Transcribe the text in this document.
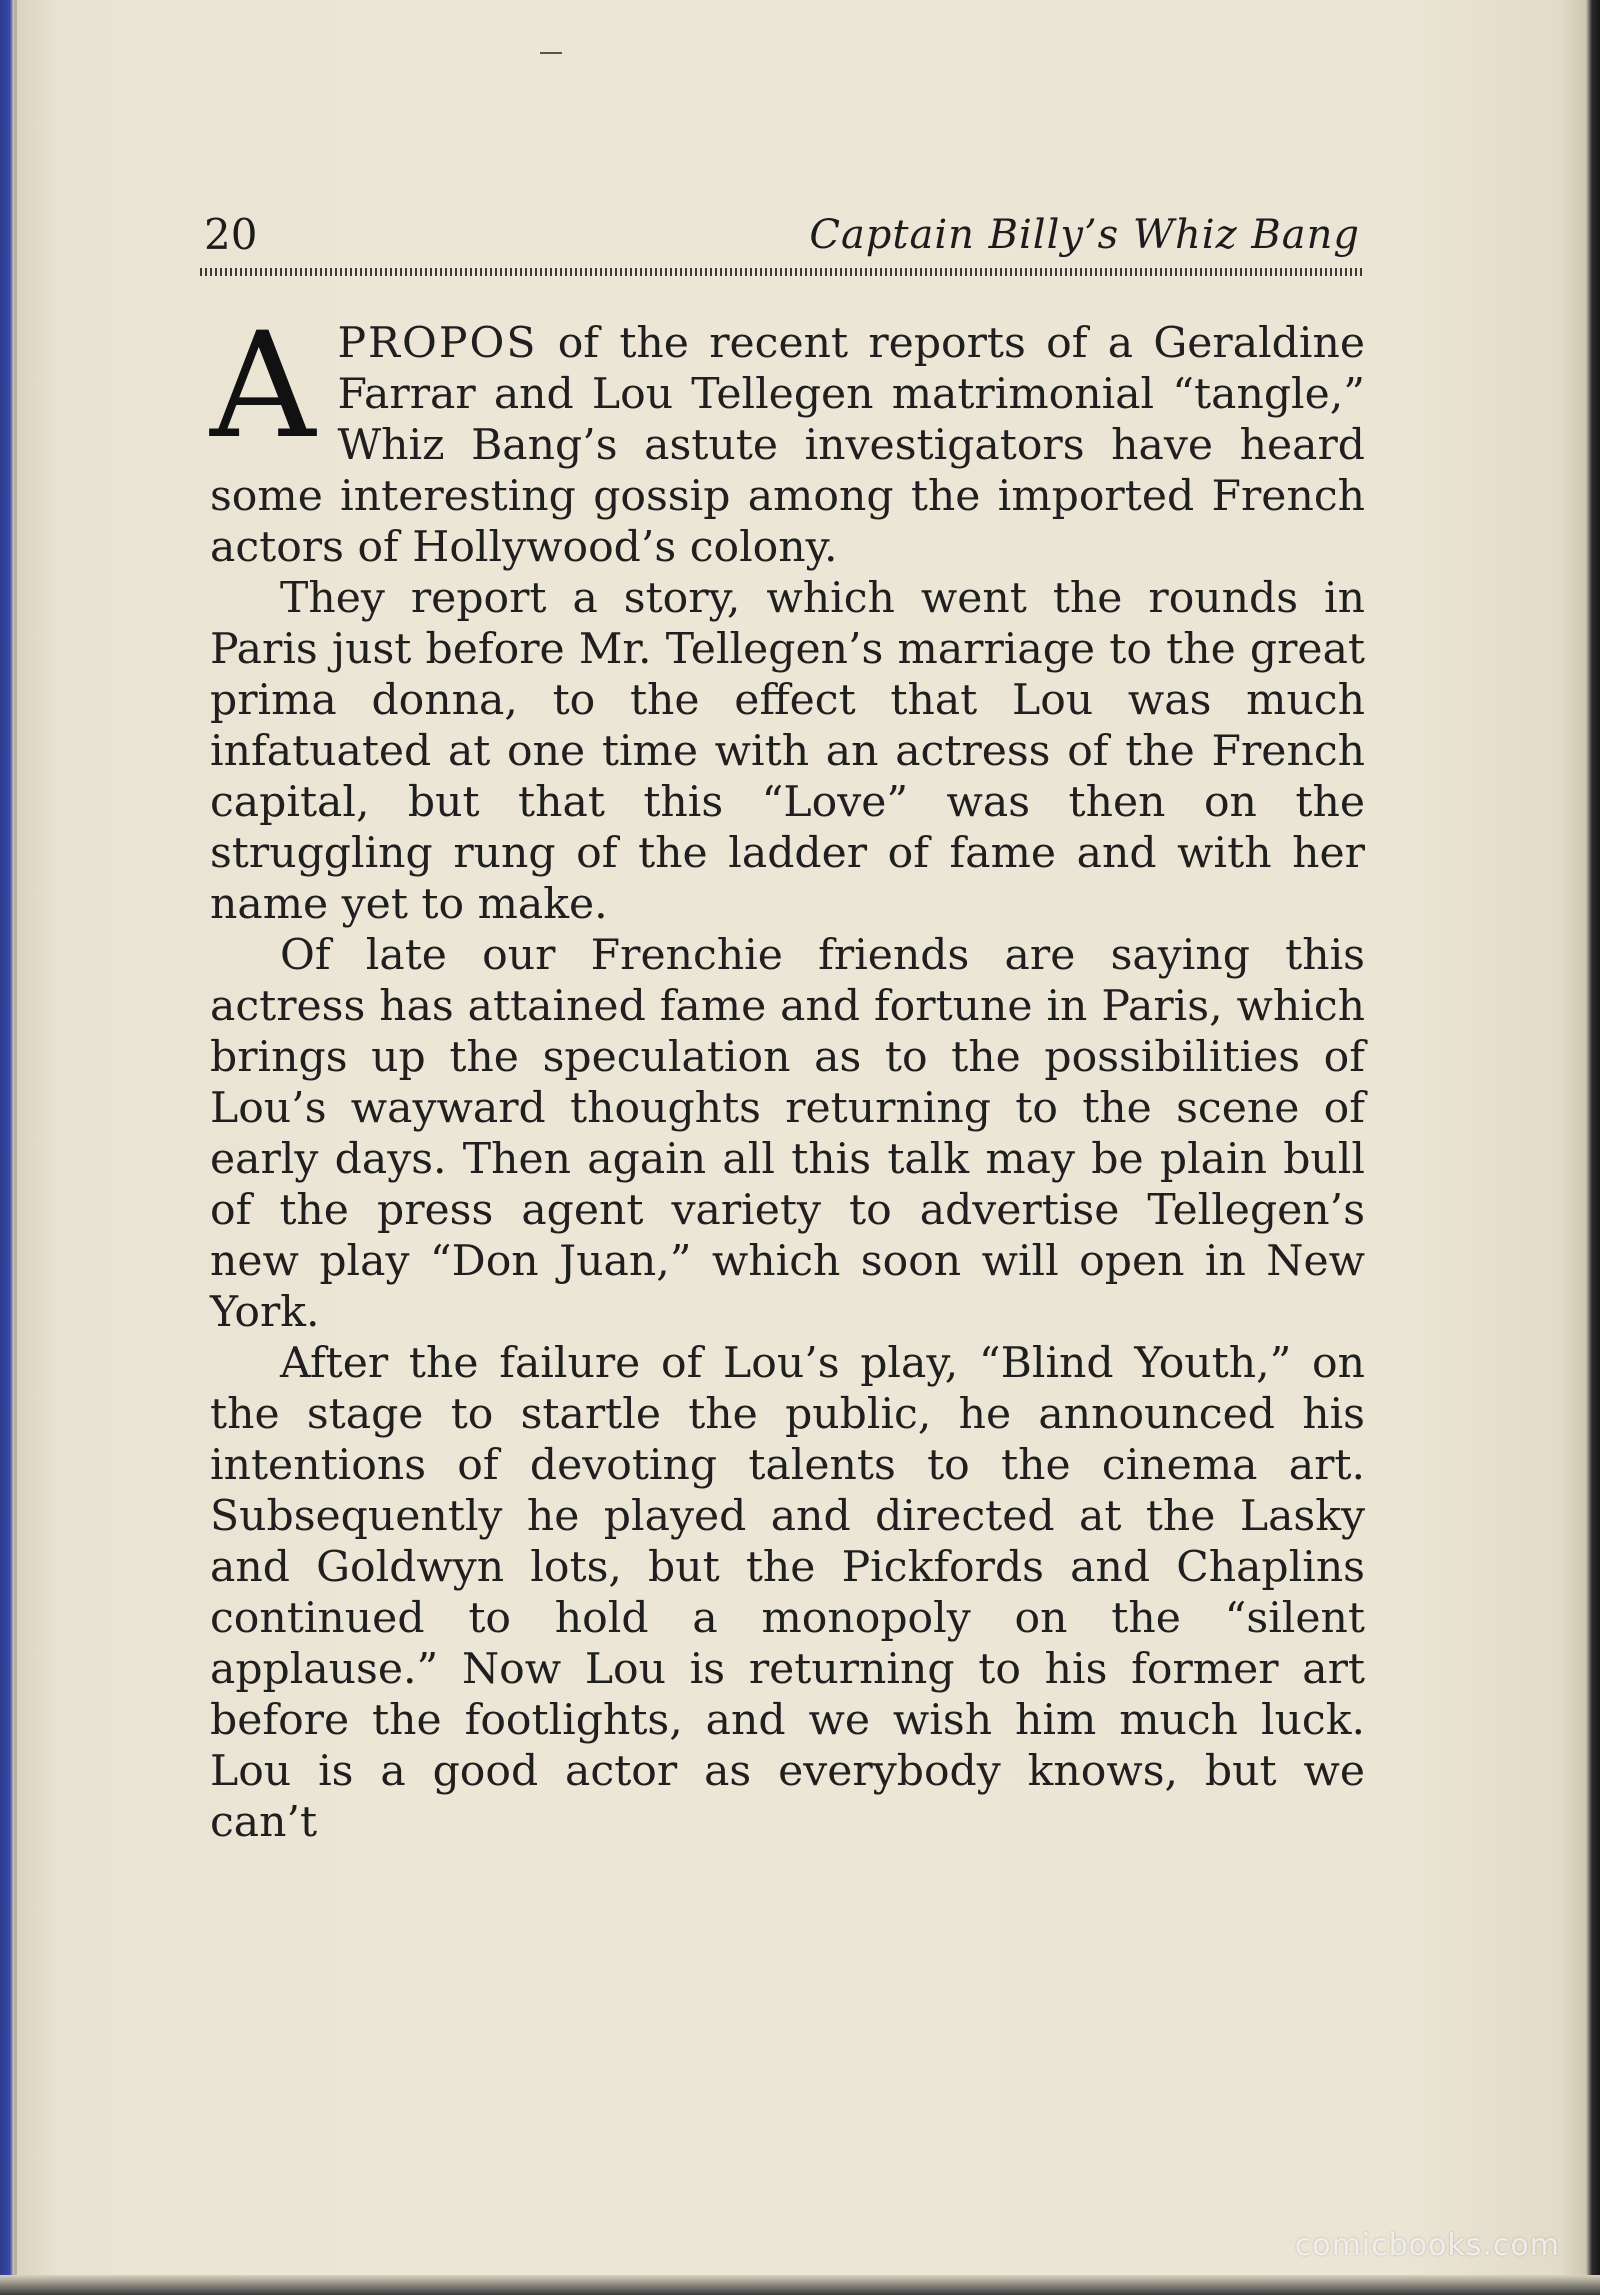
20	Captain Billy’s Whiz Bang

APROPOS of the recent reports of a Geraldine Farrar and Lou Tellegen matrimonial “tangle,” Whiz Bang’s astute investigators have heard some interesting gossip among the imported French actors of Hollywood’s colony.

They report a story, which went the rounds in Paris just before Mr. Tellegen’s marriage to the great prima donna, to the effect that Lou was much infatuated at one time with an actress of the French capital, but that this “Love” was then on the struggling rung of the ladder of fame and with her name yet to make.

Of late our Frenchie friends are saying this actress has attained fame and fortune in Paris, which brings up the speculation as to the possibilities of Lou’s wayward thoughts returning to the scene of early days. Then again all this talk may be plain bull of the press agent variety to advertise Tellegen’s new play “Don Juan,” which soon will open in New York.

After the failure of Lou’s play, “Blind Youth,” on the stage to startle the public, he announced his intentions of devoting talents to the cinema art. Subsequently he played and directed at the Lasky and Goldwyn lots, but the Pickfords and Chaplins continued to hold a monopoly on the “silent applause.” Now Lou is returning to his former art before the footlights, and we wish him much luck. Lou is a good actor as everybody knows, but we can’t

comicbooks.com
